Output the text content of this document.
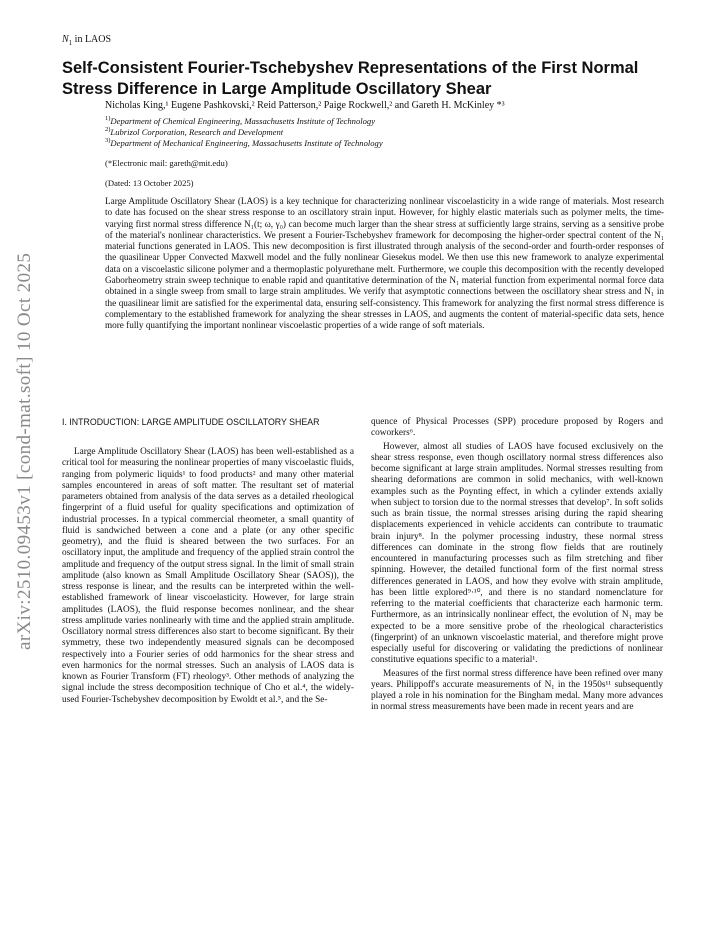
$N_1$ in LAOS
arXiv:2510.09453v1 [cond-mat.soft] 10 Oct 2025
Self-Consistent Fourier-Tschebyshev Representations of the First Normal Stress Difference in Large Amplitude Oscillatory Shear
Nicholas King,¹ Eugene Pashkovski,² Reid Patterson,² Paige Rockwell,² and Gareth H. McKinley *³
$^{1)}$Department of Chemical Engineering, Massachusetts Institute of Technology
$^{2)}$Lubrizol Corporation, Research and Development
$^{3)}$Department of Mechanical Engineering, Massachusetts Institute of Technology
(*Electronic mail: gareth@mit.edu)
(Dated: 13 October 2025)

Large Amplitude Oscillatory Shear (LAOS) is a key technique for characterizing nonlinear viscoelasticity in a wide range of materials. Most research to date has focused on the shear stress response to an oscillatory strain input. However, for highly elastic materials such as polymer melts, the time-varying first normal stress difference N₁(t; ω, γ₀) can become much larger than the shear stress at sufficiently large strains, serving as a sensitive probe of the material's nonlinear characteristics. We present a Fourier-Tschebyshev framework for decomposing the higher-order spectral content of the N₁ material functions generated in LAOS. This new decomposition is first illustrated through analysis of the second-order and fourth-order responses of the quasilinear Upper Convected Maxwell model and the fully nonlinear Giesekus model. We then use this new framework to analyze experimental data on a viscoelastic silicone polymer and a thermoplastic polyurethane melt. Furthermore, we couple this decomposition with the recently developed Gaborheometry strain sweep technique to enable rapid and quantitative determination of the N₁ material function from experimental normal force data obtained in a single sweep from small to large strain amplitudes. We verify that asymptotic connections between the oscillatory shear stress and N₁ in the quasilinear limit are satisfied for the experimental data, ensuring self-consistency. This framework for analyzing the first normal stress difference is complementary to the established framework for analyzing the shear stresses in LAOS, and augments the content of material-specific data sets, hence more fully quantifying the important nonlinear viscoelastic properties of a wide range of soft materials.

I. INTRODUCTION: LARGE AMPLITUDE OSCILLATORY SHEAR

Large Amplitude Oscillatory Shear (LAOS) has been well-established as a critical tool for measuring the nonlinear properties of many viscoelastic fluids, ranging from polymeric liquids¹ to food products² and many other material samples encountered in areas of soft matter. The resultant set of material parameters obtained from analysis of the data serves as a detailed rheological fingerprint of a fluid useful for quality specifications and optimization of industrial processes. In a typical commercial rheometer, a small quantity of fluid is sandwiched between a cone and a plate (or any other specific geometry), and the fluid is sheared between the two surfaces. For an oscillatory input, the amplitude and frequency of the applied strain control the amplitude and frequency of the output stress signal. In the limit of small strain amplitude (also known as Small Amplitude Oscillatory Shear (SAOS)), the stress response is linear, and the results can be interpreted within the well-established framework of linear viscoelasticity. However, for large strain amplitudes (LAOS), the fluid response becomes nonlinear, and the shear stress amplitude varies nonlinearly with time and the applied strain amplitude. Oscillatory normal stress differences also start to become significant. By their symmetry, these two independently measured signals can be decomposed respectively into a Fourier series of odd harmonics for the shear stress and even harmonics for the normal stresses. Such an analysis of LAOS data is known as Fourier Transform (FT) rheology³. Other methods of analyzing the signal include the stress decomposition technique of Cho et al.⁴, the widely-used Fourier-Tschebyshev decomposition by Ewoldt et al.⁵, and the Se-

quence of Physical Processes (SPP) procedure proposed by Rogers and coworkers⁶.

However, almost all studies of LAOS have focused exclusively on the shear stress response, even though oscillatory normal stress differences also become significant at large strain amplitudes. Normal stresses resulting from shearing deformations are common in solid mechanics, with well-known examples such as the Poynting effect, in which a cylinder extends axially when subject to torsion due to the normal stresses that develop⁷. In soft solids such as brain tissue, the normal stresses arising during the rapid shearing displacements experienced in vehicle accidents can contribute to traumatic brain injury⁸. In the polymer processing industry, these normal stress differences can dominate in the strong flow fields that are routinely encountered in manufacturing processes such as film stretching and fiber spinning. However, the detailed functional form of the first normal stress differences generated in LAOS, and how they evolve with strain amplitude, has been little explored⁹·¹⁰, and there is no standard nomenclature for referring to the material coefficients that characterize each harmonic term. Furthermore, as an intrinsically nonlinear effect, the evolution of N₁ may be expected to be a more sensitive probe of the rheological characteristics (fingerprint) of an unknown viscoelastic material, and therefore might prove especially useful for discovering or validating the predictions of nonlinear constitutive equations specific to a material¹.

Measures of the first normal stress difference have been refined over many years. Philippoff's accurate measurements of N₁ in the 1950s¹¹ subsequently played a role in his nomination for the Bingham medal. Many more advances in normal stress measurements have been made in recent years and are
